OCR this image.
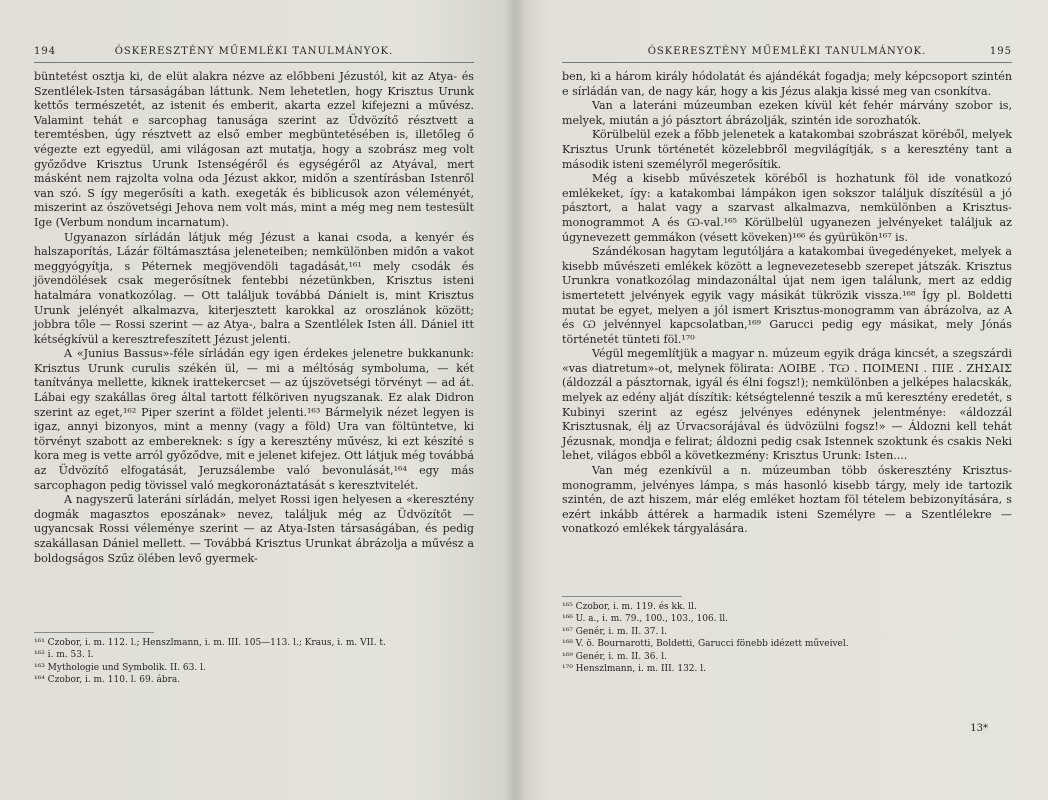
194	ÓSKERESZTÉNY MŰEMLÉKI TANULMÁNYOK.

büntetést osztja ki, de elüt alakra nézve az előbbeni Jézustól, kit az Atya- és Szentlélek-Isten társaságában láttunk. Nem lehetetlen, hogy Krisztus Urunk kettős természetét, az istenit és emberit, akarta ezzel kifejezni a művész. Valamint tehát e sarcophag tanusága szerint az Üdvözítő résztvett a teremtésben, úgy résztvett az első ember megbüntetésében is, illetőleg ő végezte ezt egyedül, ami világosan azt mutatja, hogy a szobrász meg volt győződve Krisztus Urunk Istenségéről és egységéről az Atyával, mert másként nem rajzolta volna oda Jézust akkor, midőn a szentírásban Istenről van szó. S így megerősíti a kath. exegeták és biblicusok azon véleményét, miszerint az ószövetségi Jehova nem volt más, mint a még meg nem testesült Ige (Verbum nondum incarnatum).

Ugyanazon sírládán látjuk még Jézust a kanai csoda, a kenyér és halszaporítás, Lázár föltámasztása jeleneteiben; nemkülönben midőn a vakot meggyógyítja, s Péternek megjövendöli tagadását,¹⁶¹ mely csodák és jövendölések csak megerősítnek fentebbi nézetünkben, Krisztus isteni hatalmára vonatkozólag. — Ott találjuk továbbá Dánielt is, mint Krisztus Urunk jelényét alkalmazva, kiterjesztett karokkal az oroszlánok között; jobbra tőle — Rossi szerint — az Atya-, balra a Szentlélek Isten áll. Dániel itt kétségkívül a keresztrefeszített Jézust jelenti.

A «Junius Bassus»-féle sírládán egy igen érdekes jelenetre bukkanunk: Krisztus Urunk curulis székén ül, — mi a méltóság symboluma, — két tanítványa mellette, kiknek irattekercset — az újszövetségi törvényt — ad át. Lábai egy szakállas öreg által tartott félköriven nyugszanak. Ez alak Didron szerint az eget,¹⁶² Piper szerint a földet jelenti.¹⁶³ Bármelyik nézet legyen is igaz, annyi bizonyos, mint a menny (vagy a föld) Ura van föltüntetve, ki törvényt szabott az embereknek: s így a keresztény művész, ki ezt készíté s kora meg is vette arról győződve, mit e jelenet kifejez. Ott látjuk még továbbá az Üdvözítő elfogatását, Jeruzsálembe való bevonulását,¹⁶⁴ egy más sarcophagon pedig tövissel való megkoronáztatását s keresztvitelét.

A nagyszerű lateráni sírládán, melyet Rossi igen helyesen a «keresztény dogmák magasztos eposzának» nevez, találjuk még az Üdvözítőt — ugyancsak Rossi véleménye szerint — az Atya-Isten társaságában, és pedig szakállasan Dániel mellett. — Továbbá Krisztus Urunkat ábrázolja a művész a boldogságos Szűz ölében levő gyermek-

¹⁶¹ Czobor, i. m. 112. l.; Henszlmann, i. m. III. 105—113. l.; Kraus, i. m. VII. t.
¹⁶² i. m. 53. l.
¹⁶³ Mythologie und Symbolik. II. 63. l.
¹⁶⁴ Czobor, i. m. 110. l. 69. ábra.
ÓSKERESZTÉNY MŰEMLÉKI TANULMÁNYOK.	195

ben, ki a három király hódolatát és ajándékát fogadja; mely képcsoport szintén e sírládán van, de nagy kár, hogy a kis Jézus alakja kissé meg van csonkítva.

Van a lateráni múzeumban ezeken kívül két fehér márvány szobor is, melyek, miután a jó pásztort ábrázolják, szintén ide sorozhatók.

Körülbelül ezek a főbb jelenetek a katakombai szobrászat köréből, melyek Krisztus Urunk történetét közelebbről megvilágítják, s a keresztény tant a második isteni személyről megerősítik.

Még a kisebb művészetek köréből is hozhatunk föl ide vonatkozó emlékeket, így: a katakombai lámpákon igen sokszor találjuk díszítésül a jó pásztort, a halat vagy a szarvast alkalmazva, nemkülönben a Krisztus-monogrammot A és Ѡ-val.¹⁶⁵ Körülbelül ugyanezen jelvényeket találjuk az úgynevezett gemmákon (vésett köveken)¹⁶⁶ és gyürükön¹⁶⁷ is.

Szándékosan hagytam legutóljára a katakombai üvegedényeket, melyek a kisebb művészeti emlékek között a legnevezetesebb szerepet játszák. Krisztus Urunkra vonatkozólag mindazonáltal újat nem igen találunk, mert az eddig ismertetett jelvények egyik vagy másikát tükrözik vissza.¹⁶⁸ Így pl. Boldetti mutat be egyet, melyen a jól ismert Krisztus-monogramm van ábrázolva, az A és Ѡ jelvénnyel kapcsolatban,¹⁶⁹ Garucci pedig egy másikat, mely Jónás történetét tünteti föl.¹⁷⁰

Végül megemlítjük a magyar n. múzeum egyik drága kincsét, a szegszárdi «vas diatretum»-ot, melynek fölirata: ΛΟΙΒΕ . ΤѠ . ΠΟΙΜΕΝΙ . ΠΙΕ . ΖΗΣΑΙΣ (áldozzál a pásztornak, igyál és élni fogsz!); nemkülönben a jelképes halacskák, melyek az edény alját díszítik: kétségtelenné teszik a mű keresztény eredetét, s Kubinyi szerint az egész jelvényes edénynek jelentménye: «áldozzál Krisztusnak, élj az Úrvacsorájával és üdvözülni fogsz!» — Áldozni kell tehát Jézusnak, mondja e felirat; áldozni pedig csak Istennek szoktunk és csakis Neki lehet, világos ebből a következmény: Krisztus Urunk: Isten....

Van még ezenkívül a n. múzeumban több óskeresztény Krisztus-monogramm, jelvényes lámpa, s más hasonló kisebb tárgy, mely ide tartozik szintén, de azt hiszem, már elég emléket hoztam föl tételem bebizonyítására, s ezért inkább áttérek a harmadik isteni Személyre — a Szentlélekre — vonatkozó emlékek tárgyalására.

¹⁶⁵ Czobor, i. m. 119. és kk. ll.
¹⁶⁶ U. a., i. m. 79., 100., 103., 106. ll.
¹⁶⁷ Genér, i. m. II. 37. l.
¹⁶⁸ V. ö. Bournarotti, Boldetti, Garucci fönebb idézett műveivel.
¹⁶⁹ Genér, i. m. II. 36. l.
¹⁷⁰ Henszlmann, i. m. III. 132. l.
13*
